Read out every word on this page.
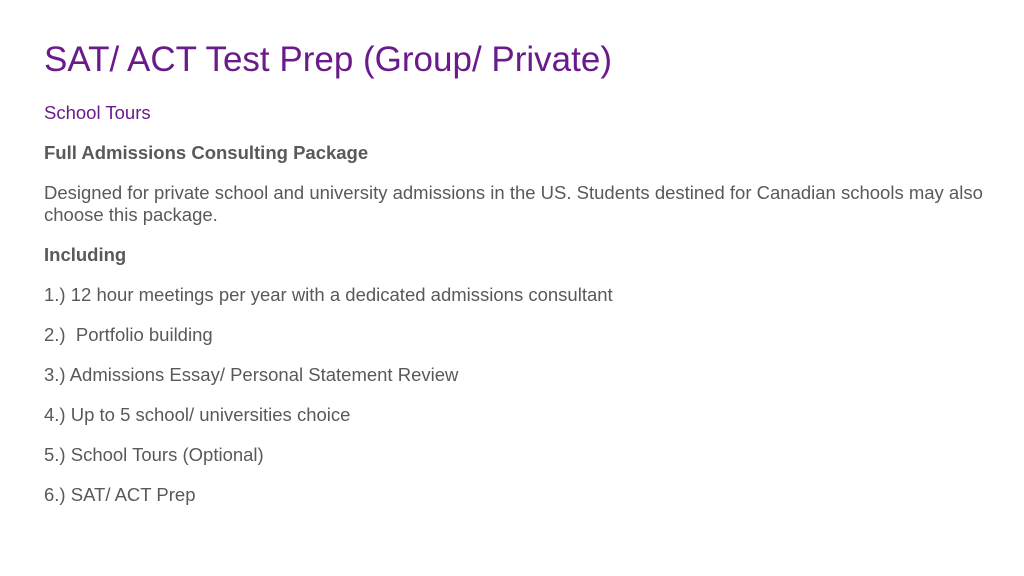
SAT/ ACT Test Prep (Group/ Private)

School Tours

Full Admissions Consulting Package

Designed for private school and university admissions in the US. Students destined for Canadian schools may also choose this package.

Including

1.) 12 hour meetings per year with a dedicated admissions consultant

2.)  Portfolio building

3.) Admissions Essay/ Personal Statement Review

4.) Up to 5 school/ universities choice

5.) School Tours (Optional)

6.) SAT/ ACT Prep
